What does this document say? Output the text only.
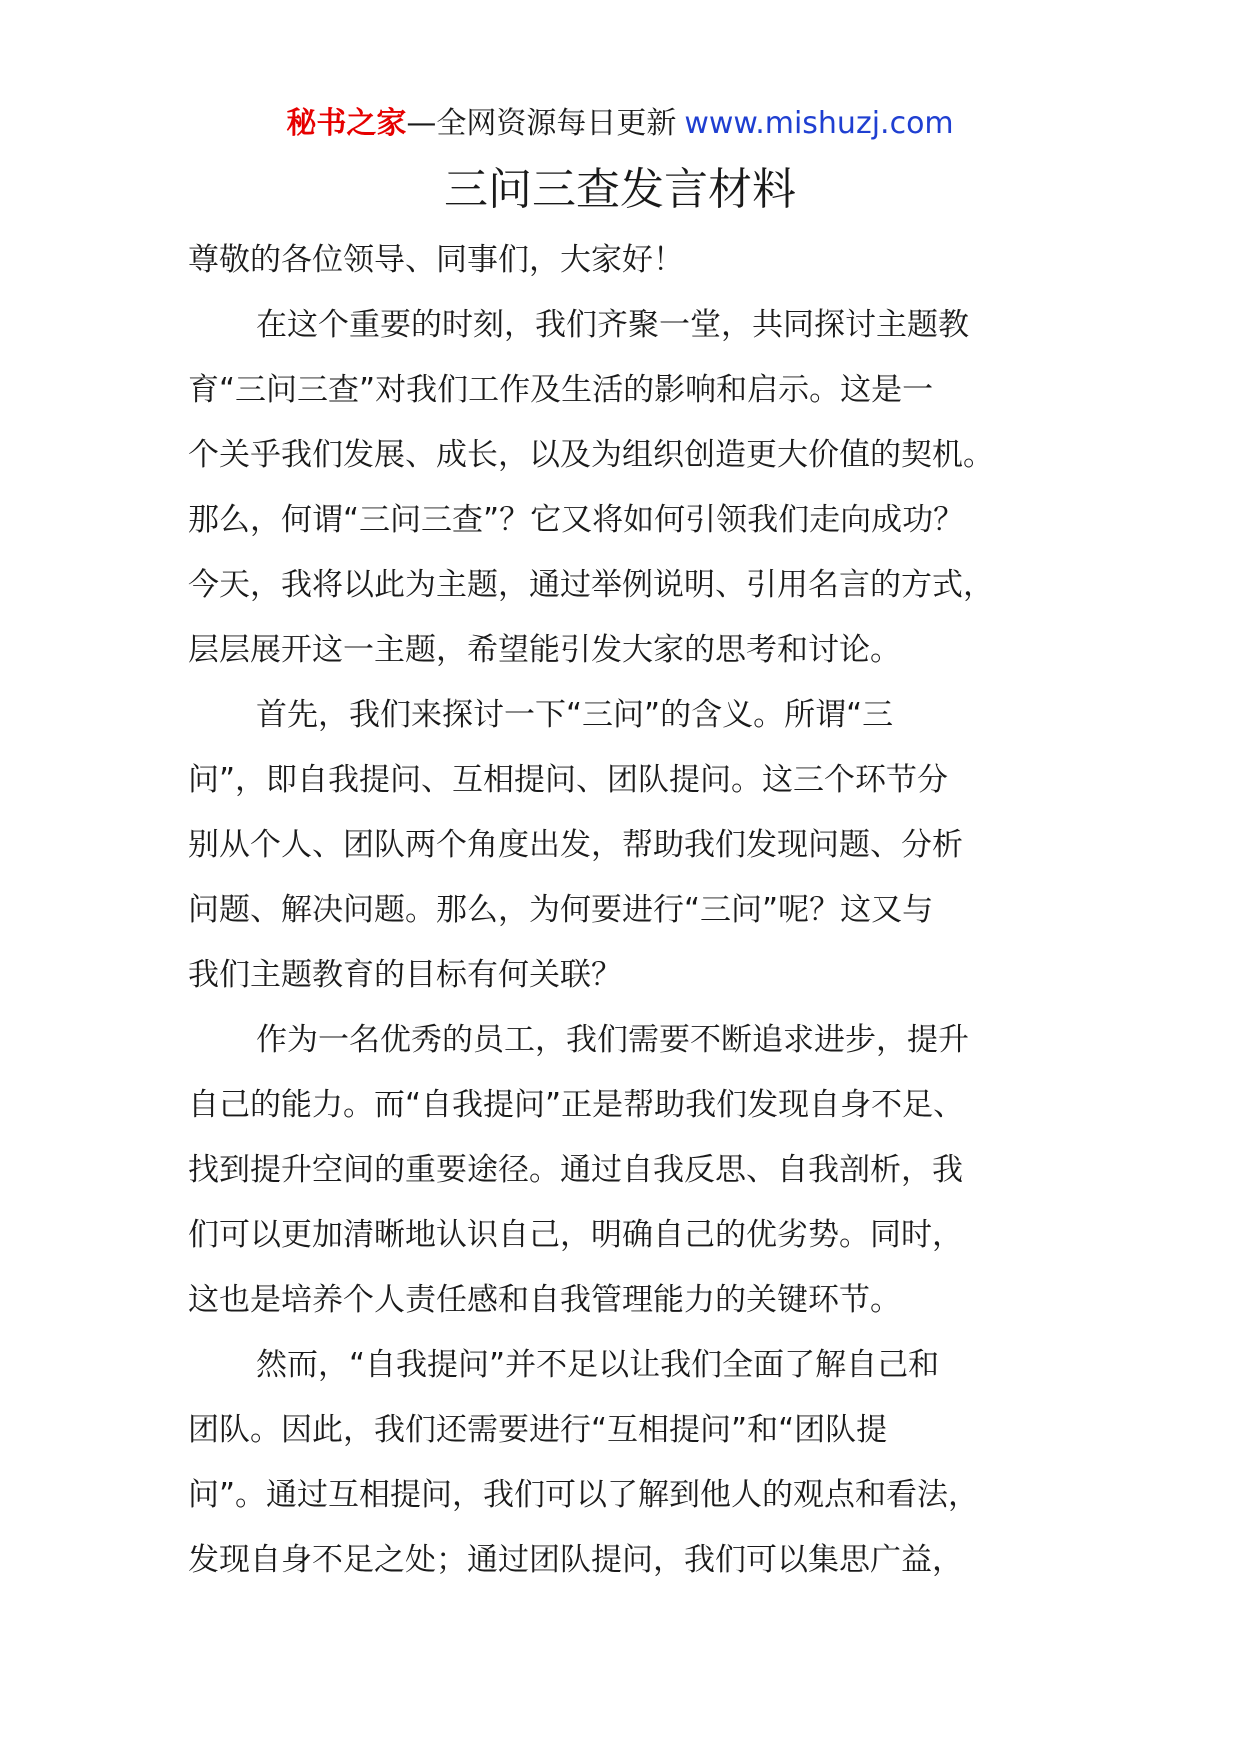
秘书之家—全网资源每日更新 www.mishuzj.com
三问三查发言材料
尊敬的各位领导、同事们，大家好！
在这个重要的时刻，我们齐聚一堂，共同探讨主题教
育“三问三查”对我们工作及生活的影响和启示。这是一
个关乎我们发展、成长，以及为组织创造更大价值的契机。
那么，何谓“三问三查”？它又将如何引领我们走向成功？
今天，我将以此为主题，通过举例说明、引用名言的方式，
层层展开这一主题，希望能引发大家的思考和讨论。
首先，我们来探讨一下“三问”的含义。所谓“三
问”，即自我提问、互相提问、团队提问。这三个环节分
别从个人、团队两个角度出发，帮助我们发现问题、分析
问题、解决问题。那么，为何要进行“三问”呢？这又与
我们主题教育的目标有何关联？
作为一名优秀的员工，我们需要不断追求进步，提升
自己的能力。而“自我提问”正是帮助我们发现自身不足、
找到提升空间的重要途径。通过自我反思、自我剖析，我
们可以更加清晰地认识自己，明确自己的优劣势。同时，
这也是培养个人责任感和自我管理能力的关键环节。
然而，“自我提问”并不足以让我们全面了解自己和
团队。因此，我们还需要进行“互相提问”和“团队提
问”。通过互相提问，我们可以了解到他人的观点和看法，
发现自身不足之处；通过团队提问，我们可以集思广益，
